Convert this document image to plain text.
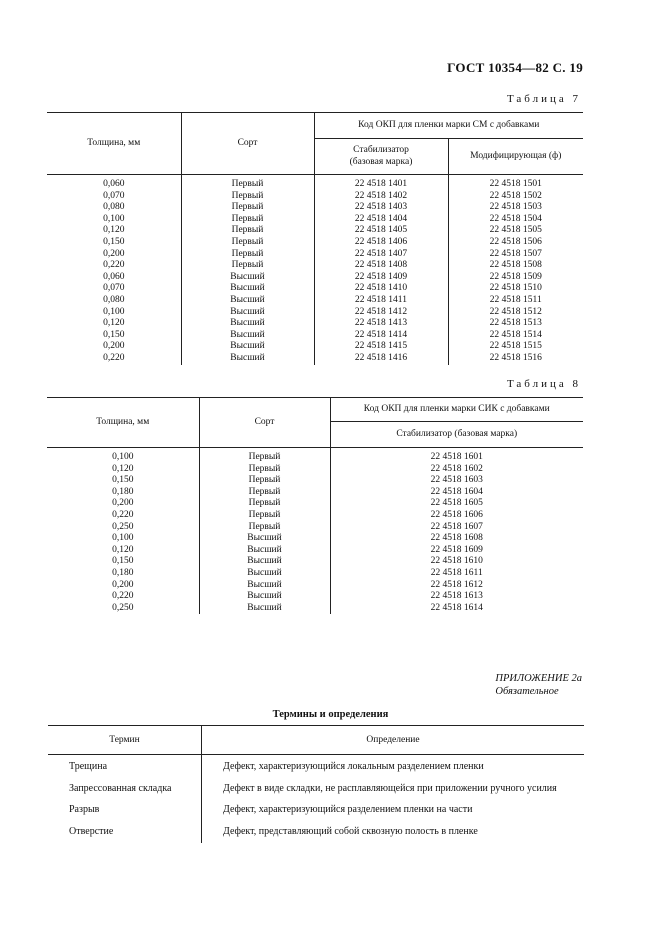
ГОСТ 10354—82 С. 19
Таблица 7
Толщина, мм	Сорт	Код ОКП для пленки марки СМ с добавками	
		Стабилизатор (базовая марка)	Модифицирующая (ф)
0,060	Первый	22 4518 1401	22 4518 1501
0,070	Первый	22 4518 1402	22 4518 1502
0,080	Первый	22 4518 1403	22 4518 1503
0,100	Первый	22 4518 1404	22 4518 1504
0,120	Первый	22 4518 1405	22 4518 1505
0,150	Первый	22 4518 1406	22 4518 1506
0,200	Первый	22 4518 1407	22 4518 1507
0,220	Первый	22 4518 1408	22 4518 1508
0,060	Высший	22 4518 1409	22 4518 1509
0,070	Высший	22 4518 1410	22 4518 1510
0,080	Высший	22 4518 1411	22 4518 1511
0,100	Высший	22 4518 1412	22 4518 1512
0,120	Высший	22 4518 1413	22 4518 1513
0,150	Высший	22 4518 1414	22 4518 1514
0,200	Высший	22 4518 1415	22 4518 1515
0,220	Высший	22 4518 1416	22 4518 1516
Таблица 8
Толщина, мм	Сорт	Код ОКП для пленки марки СИК с добавками
		Стабилизатор (базовая марка)
0,100	Первый	22 4518 1601
0,120	Первый	22 4518 1602
0,150	Первый	22 4518 1603
0,180	Первый	22 4518 1604
0,200	Первый	22 4518 1605
0,220	Первый	22 4518 1606
0,250	Первый	22 4518 1607
0,100	Высший	22 4518 1608
0,120	Высший	22 4518 1609
0,150	Высший	22 4518 1610
0,180	Высший	22 4518 1611
0,200	Высший	22 4518 1612
0,220	Высший	22 4518 1613
0,250	Высший	22 4518 1614
ПРИЛОЖЕНИЕ 2а
Обязательное
Термины и определения
Термин	Определение
Трещина	Дефект, характеризующийся локальным разделением пленки
Запрессованная складка	Дефект в виде складки, не расплавляющейся при приложении ручного усилия
Разрыв	Дефект, характеризующийся разделением пленки на части
Отверстие	Дефект, представляющий собой сквозную полость в пленке
